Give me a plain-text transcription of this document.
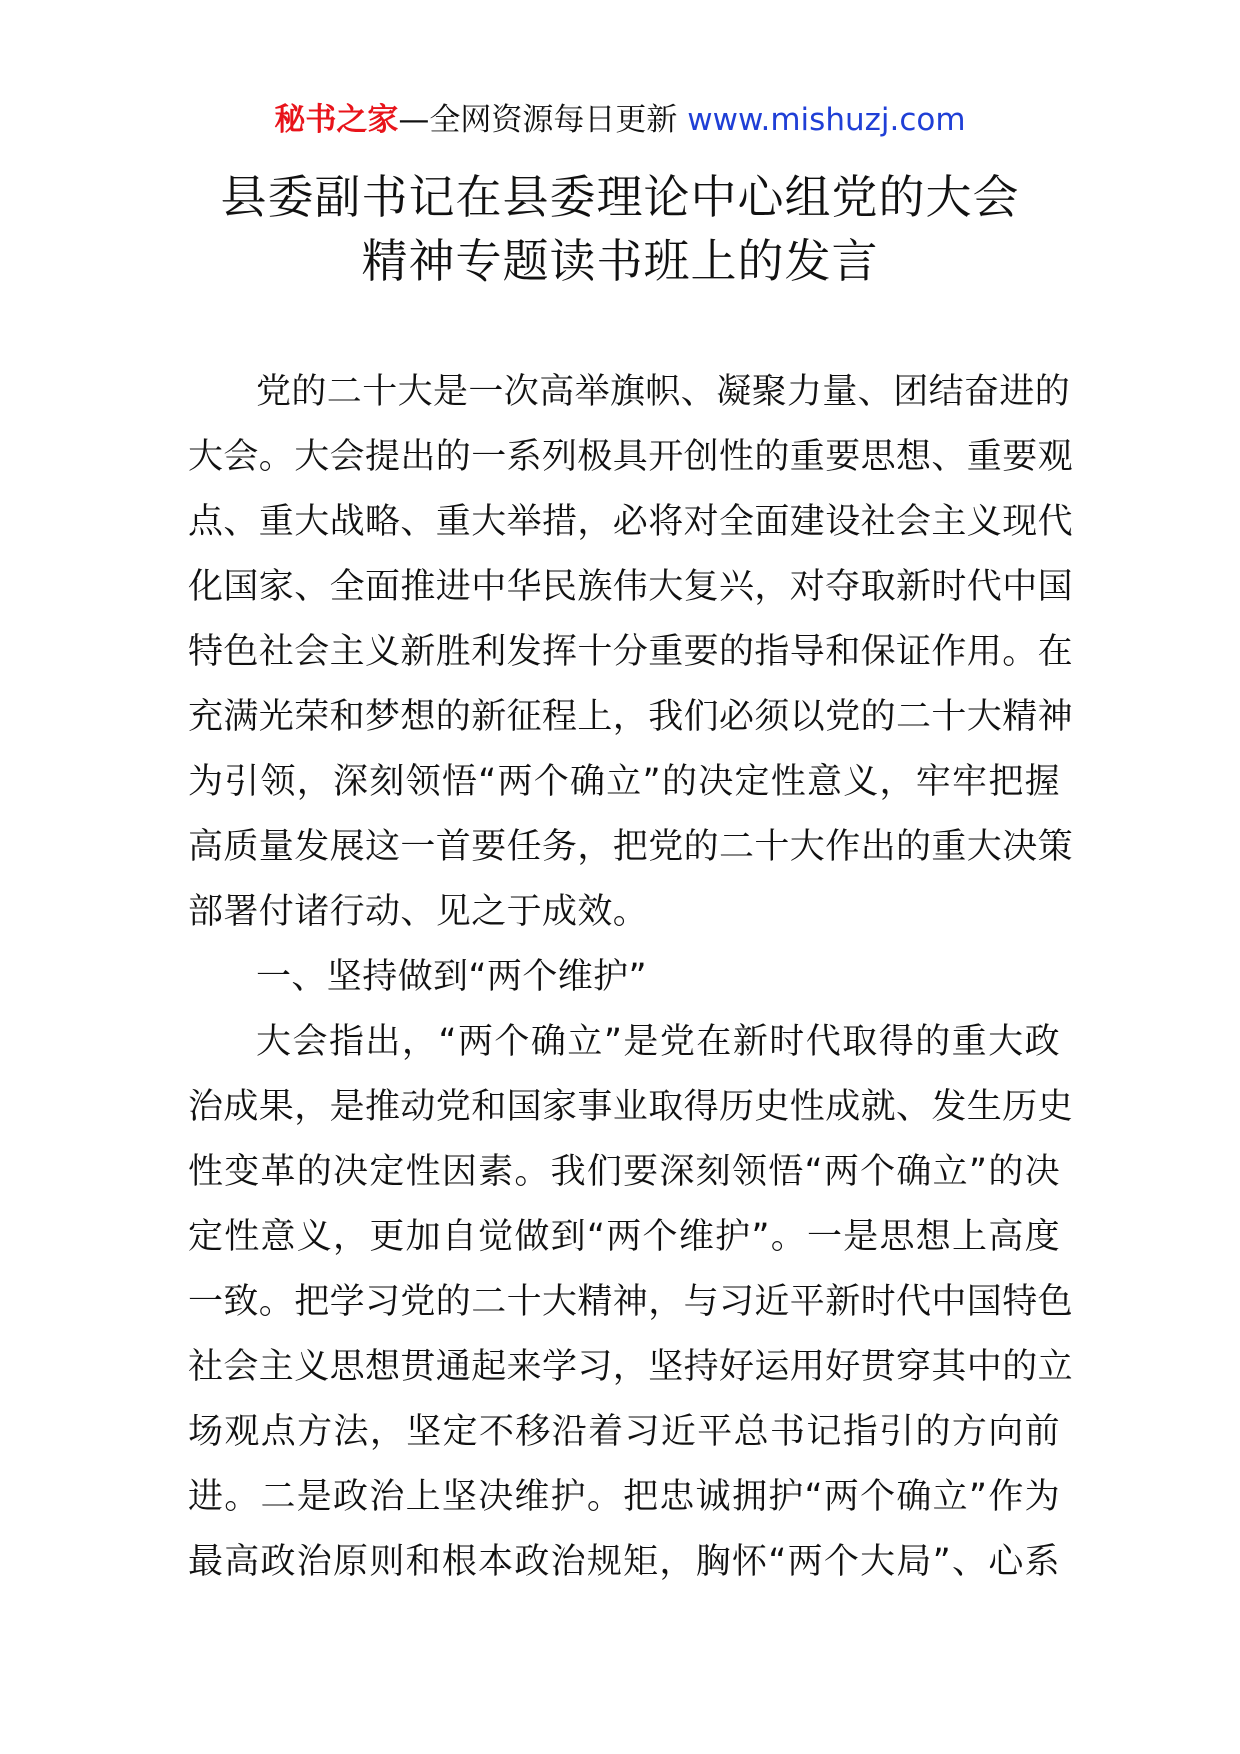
秘书之家—全网资源每日更新 www.mishuzj.com
县委副书记在县委理论中心组党的大会
精神专题读书班上的发言
党的二十大是一次高举旗帜、凝聚力量、团结奋进的
大会。大会提出的一系列极具开创性的重要思想、重要观
点、重大战略、重大举措，必将对全面建设社会主义现代
化国家、全面推进中华民族伟大复兴，对夺取新时代中国
特色社会主义新胜利发挥十分重要的指导和保证作用。在
充满光荣和梦想的新征程上，我们必须以党的二十大精神
为引领，深刻领悟“两个确立”的决定性意义，牢牢把握
高质量发展这一首要任务，把党的二十大作出的重大决策
部署付诸行动、见之于成效。
一、坚持做到“两个维护”
大会指出，“两个确立”是党在新时代取得的重大政
治成果，是推动党和国家事业取得历史性成就、发生历史
性变革的决定性因素。我们要深刻领悟“两个确立”的决
定性意义，更加自觉做到“两个维护”。一是思想上高度
一致。把学习党的二十大精神，与习近平新时代中国特色
社会主义思想贯通起来学习，坚持好运用好贯穿其中的立
场观点方法，坚定不移沿着习近平总书记指引的方向前
进。二是政治上坚决维护。把忠诚拥护“两个确立”作为
最高政治原则和根本政治规矩，胸怀“两个大局”、心系
